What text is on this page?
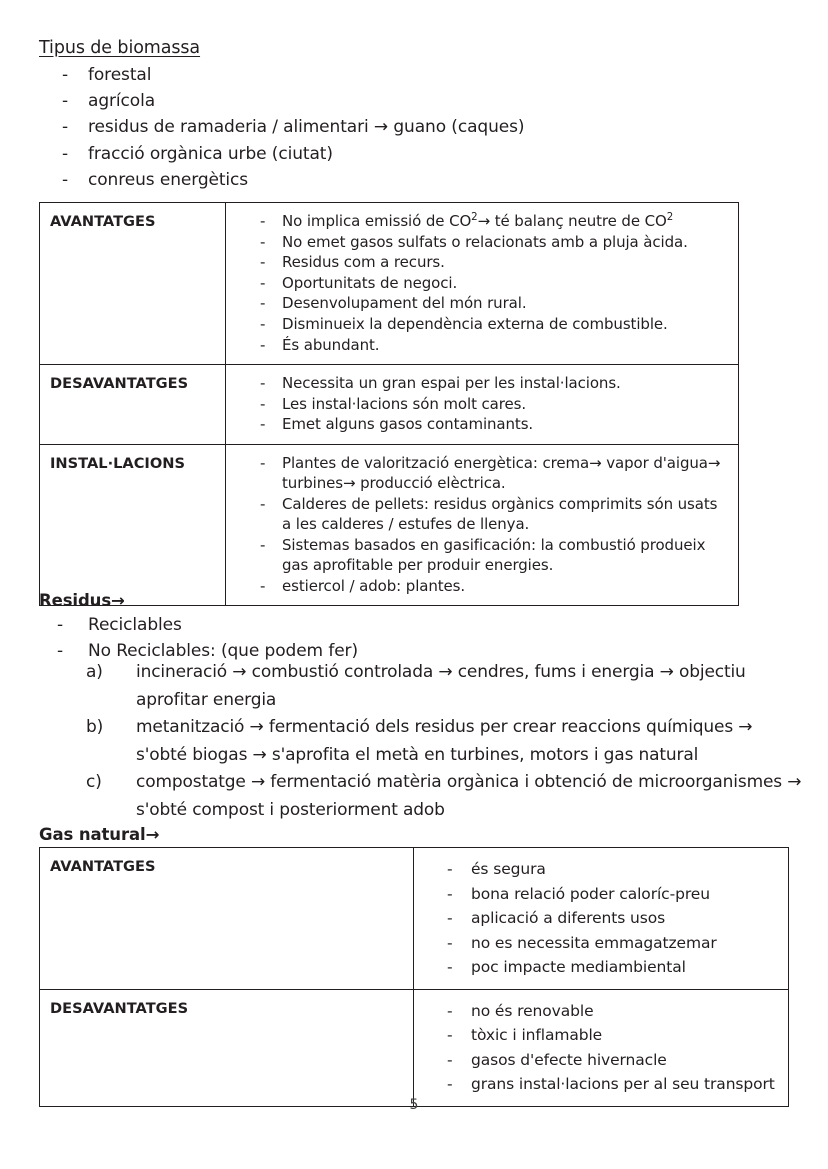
Tipus de biomassa
- forestal
- agrícola
- residus de ramaderia / alimentari → guano (caques)
- fracció orgànica urbe (ciutat)
- conreus energètics
AVANTATGES	- No implica emissió de $CO^2\to$ té balanç neutre de $CO^2$
- No emet gasos sulfats o relacionats amb a pluja àcida.
- Residus com a recurs.
- Oportunitats de negoci.
- Desenvolupament del món rural.
- Disminueix la dependència externa de combustible.
- És abundant.

DESAVANTATGES	- Necessita un gran espai per les instal·lacions.
- Les instal·lacions són molt cares.
- Emet alguns gasos contaminants.

INSTAL·LACIONS	- Plantes de valorització energètica: crema→ vapor d'aigua→ turbines→ producció elèctrica.
- Calderes de pellets: residus orgànics comprimits són usats a les calderes / estufes de llenya.
- Sistemas basados en gasificación: la combustió produeix gas aprofitable per produir energies.
- estiercol / adob: plantes.
Residus→
- Reciclables
- No Reciclables: (que podem fer)
a) incineració → combustió controlada → cendres, fums i energia → objectiu aprofitar energia
b) metanització → fermentació dels residus per crear reaccions químiques → s'obté biogas → s'aprofita el metà en turbines, motors i gas natural
c) compostatge → fermentació matèria orgànica i obtenció de microorganismes → s'obté compost i posteriorment adob
Gas natural→
AVANTATGES	- és segura
- bona relació poder caloríc-preu
- aplicació a diferents usos
- no es necessita emmagatzemar
- poc impacte mediambiental

DESAVANTATGES	- no és renovable
- tòxic i inflamable
- gasos d'efecte hivernacle
- grans instal·lacions per al seu transport
5
